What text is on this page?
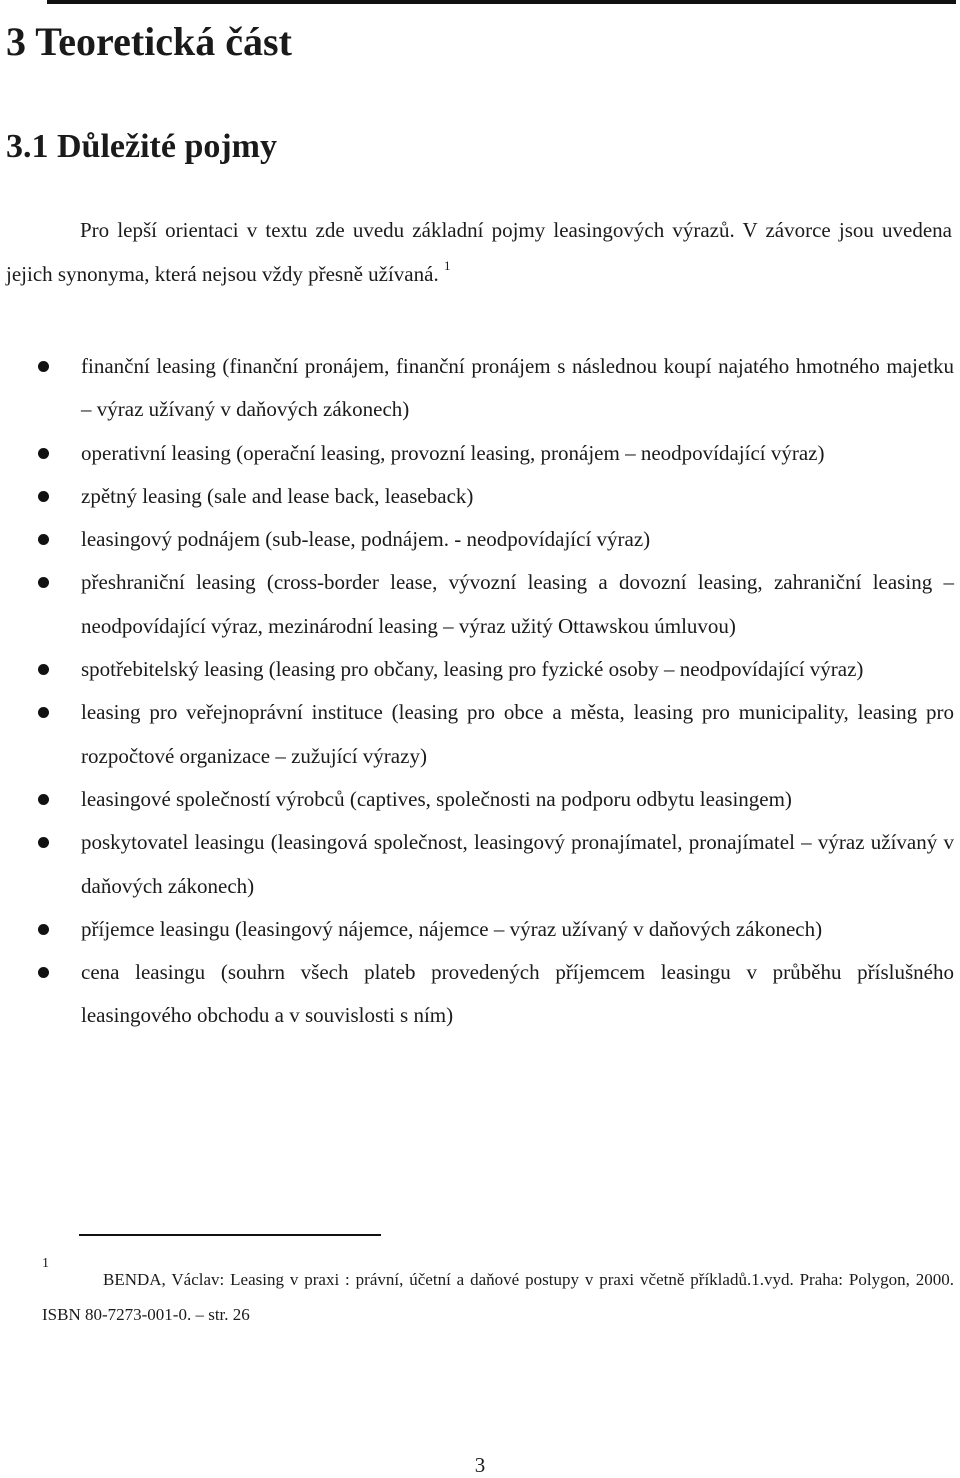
3 Teoretická část
3.1 Důležité pojmy

Pro lepší orientaci v textu zde uvedu základní pojmy leasingových výrazů. V závorce jsou uvedena jejich synonyma, která nejsou vždy přesně užívaná. $^1$

finanční leasing (finanční pronájem, finanční pronájem s následnou koupí najatého hmotného majetku – výraz užívaný v daňových zákonech)
operativní leasing (operační leasing, provozní leasing, pronájem – neodpovídající výraz)
zpětný leasing (sale and lease back, leaseback)
leasingový podnájem (sub-lease, podnájem. - neodpovídající výraz)
přeshraniční leasing (cross-border lease, vývozní leasing a dovozní leasing, zahraniční leasing – neodpovídající výraz, mezinárodní leasing – výraz užitý Ottawskou úmluvou)
spotřebitelský leasing (leasing pro občany, leasing pro fyzické osoby – neodpovídající výraz)
leasing pro veřejnoprávní instituce (leasing pro obce a města, leasing pro municipality, leasing pro rozpočtové organizace – zužující výrazy)
leasingové společností výrobců (captives, společnosti na podporu odbytu leasingem)
poskytovatel leasingu (leasingová společnost, leasingový pronajímatel, pronajímatel – výraz užívaný v daňových zákonech)
příjemce leasingu (leasingový nájemce, nájemce – výraz užívaný v daňových zákonech)
cena leasingu (souhrn všech plateb provedených příjemcem leasingu v průběhu příslušného leasingového obchodu a v souvislosti s ním)
1
BENDA, Václav: Leasing v praxi : právní, účetní a daňové postupy v praxi včetně příkladů.1.vyd. Praha: Polygon, 2000. ISBN 80-7273-001-0. – str. 26
3
